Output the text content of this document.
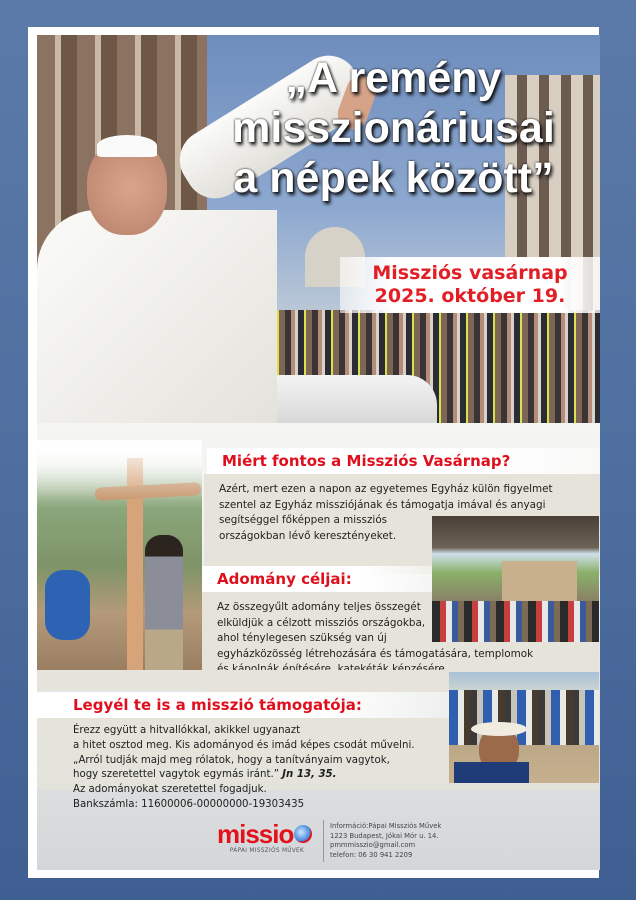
„A remény
misszionáriusai
a népek között”
Missziós vasárnap
2025. október 19.
Miért fontos a Missziós Vasárnap?
Azért, mert ezen a napon az egyetemes Egyház külön figyelmet
szentel az Egyház missziójának és támogatja imával és anyagi
segítséggel főképpen a missziós
országokban lévő keresztényeket.
Adomány céljai:
Az összegyűlt adomány teljes összegét
elküldjük a célzott missziós országokba,
ahol ténylegesen szükség van új
egyházközösség létrehozására és támogatására, templomok
Legyél te is a misszió támogatója:
Érezz együtt a hitvallókkal, akikkel ugyanazt
a hitet osztod meg. Kis adományod és imád képes csodát művelni.
„Arról tudják majd meg rólatok, hogy a tanítványaim vagytok,
hogy szeretettel vagytok egymás iránt.” Jn 13, 35.
Az adományokat szeretettel fogadjuk.
Bankszámla: 11600006-00000000-19303435
missio
PÁPAI MISSZIÓS MŰVEK
Információ:Pápai Missziós Művek
1223 Budapest, Jókai Mór u. 14.
pmmmisszio@gmail.com
telefon: 06 30 941 2209
